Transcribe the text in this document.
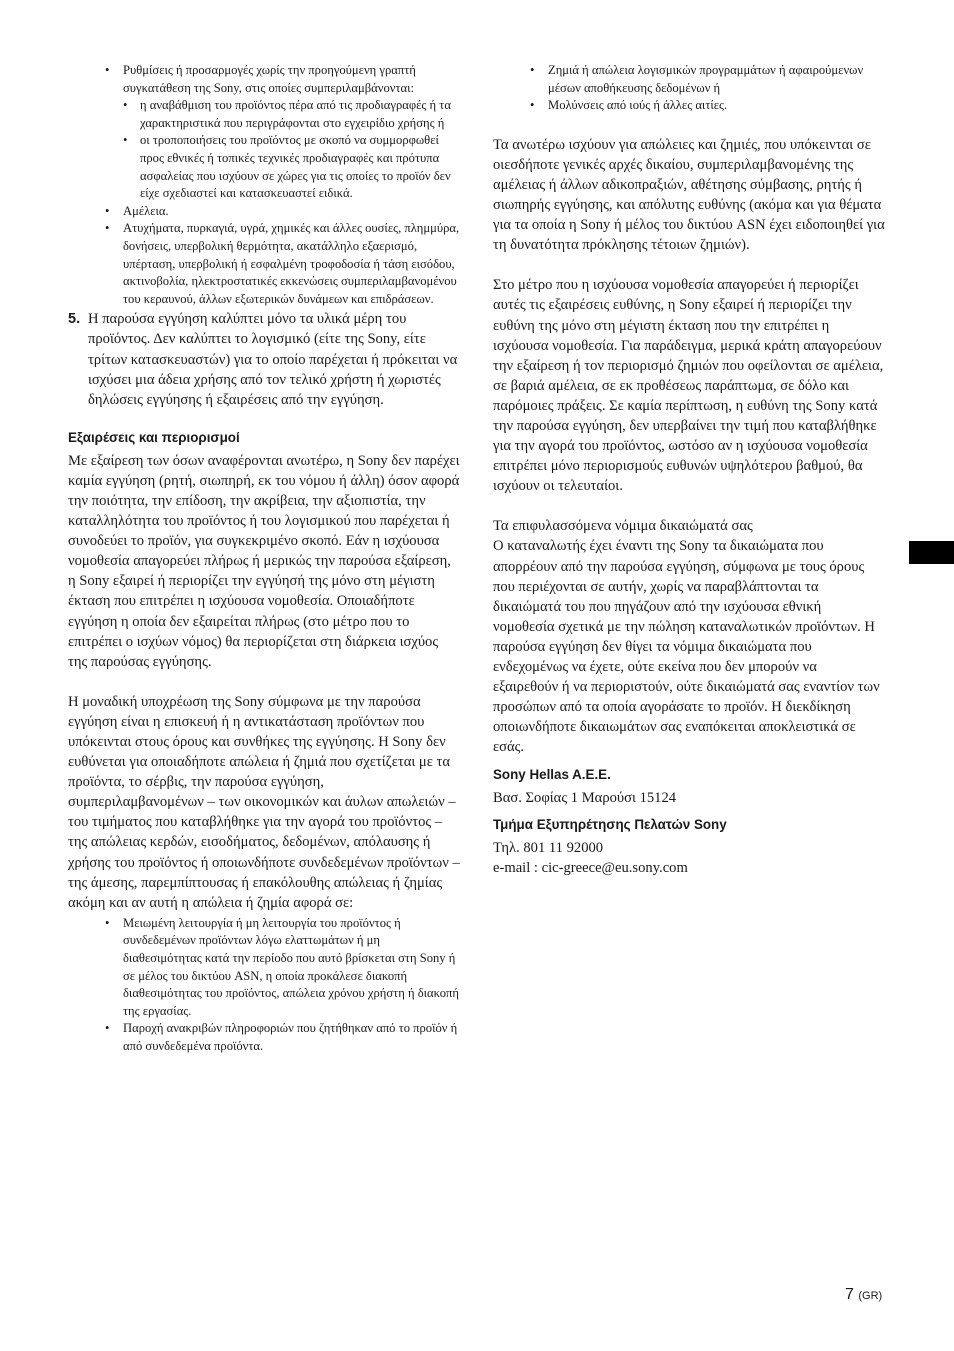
• Ρυθμίσεις ή προσαρμογές χωρίς την προηγούμενη γραπτή συγκατάθεση της Sony, στις οποίες συμπεριλαμβάνονται:
• η αναβάθμιση του προϊόντος πέρα από τις προδιαγραφές ή τα χαρακτηριστικά που περιγράφονται στο εγχειρίδιο χρήσης ή
• οι τροποποιήσεις του προϊόντος με σκοπό να συμμορφωθεί προς εθνικές ή τοπικές τεχνικές προδιαγραφές και πρότυπα ασφαλείας που ισχύουν σε χώρες για τις οποίες το προϊόν δεν είχε σχεδιαστεί και κατασκευαστεί ειδικά.
• Αμέλεια.
• Ατυχήματα, πυρκαγιά, υγρά, χημικές και άλλες ουσίες, πλημμύρα, δονήσεις, υπερβολική θερμότητα, ακατάλληλο εξαερισμό, υπέρταση, υπερβολική ή εσφαλμένη τροφοδοσία ή τάση εισόδου, ακτινοβολία, ηλεκτροστατικές εκκενώσεις συμπεριλαμβανομένου του κεραυνού, άλλων εξωτερικών δυνάμεων και επιδράσεων.
5. Η παρούσα εγγύηση καλύπτει μόνο τα υλικά μέρη του προϊόντος. Δεν καλύπτει το λογισμικό (είτε της Sony, είτε τρίτων κατασκευαστών) για το οποίο παρέχεται ή πρόκειται να ισχύσει μια άδεια χρήσης από τον τελικό χρήστη ή χωριστές δηλώσεις εγγύησης ή εξαιρέσεις από την εγγύηση.

Εξαιρέσεις και περιορισμοί

Με εξαίρεση των όσων αναφέρονται ανωτέρω, η Sony δεν παρέχει καμία εγγύηση (ρητή, σιωπηρή, εκ του νόμου ή άλλη) όσον αφορά την ποιότητα, την επίδοση, την ακρίβεια, την αξιοπιστία, την καταλληλότητα του προϊόντος ή του λογισμικού που παρέχεται ή συνοδεύει το προϊόν, για συγκεκριμένο σκοπό. Εάν η ισχύουσα νομοθεσία απαγορεύει πλήρως ή μερικώς την παρούσα εξαίρεση, η Sony εξαιρεί ή περιορίζει την εγγύησή της μόνο στη μέγιστη έκταση που επιτρέπει η ισχύουσα νομοθεσία. Οποιαδήποτε εγγύηση η οποία δεν εξαιρείται πλήρως (στο μέτρο που το επιτρέπει ο ισχύων νόμος) θα περιορίζεται στη διάρκεια ισχύος της παρούσας εγγύησης.

Η μοναδική υποχρέωση της Sony σύμφωνα με την παρούσα εγγύηση είναι η επισκευή ή η αντικατάσταση προϊόντων που υπόκεινται στους όρους και συνθήκες της εγγύησης. Η Sony δεν ευθύνεται για οποιαδήποτε απώλεια ή ζημιά που σχετίζεται με τα προϊόντα, το σέρβις, την παρούσα εγγύηση, συμπεριλαμβανομένων – των οικονομικών και άυλων απωλειών – του τιμήματος που καταβλήθηκε για την αγορά του προϊόντος – της απώλειας κερδών, εισοδήματος, δεδομένων, απόλαυσης ή χρήσης του προϊόντος ή οποιωνδήποτε συνδεδεμένων προϊόντων – της άμεσης, παρεμπίπτουσας ή επακόλουθης απώλειας ή ζημίας ακόμη και αν αυτή η απώλεια ή ζημία αφορά σε:

• Μειωμένη λειτουργία ή μη λειτουργία του προϊόντος ή συνδεδεμένων προϊόντων λόγω ελαττωμάτων ή μη διαθεσιμότητας κατά την περίοδο που αυτό βρίσκεται στη Sony ή σε μέλος του δικτύου ASN, η οποία προκάλεσε διακοπή διαθεσιμότητας του προϊόντος, απώλεια χρόνου χρήστη ή διακοπή της εργασίας.
• Παροχή ανακριβών πληροφοριών που ζητήθηκαν από το προϊόν ή από συνδεδεμένα προϊόντα.
• Ζημιά ή απώλεια λογισμικών προγραμμάτων ή αφαιρούμενων μέσων αποθήκευσης δεδομένων ή
• Μολύνσεις από ιούς ή άλλες αιτίες.

Τα ανωτέρω ισχύουν για απώλειες και ζημιές, που υπόκεινται σε οιεσδήποτε γενικές αρχές δικαίου, συμπεριλαμβανομένης της αμέλειας ή άλλων αδικοπραξιών, αθέτησης σύμβασης, ρητής ή σιωπηρής εγγύησης, και απόλυτης ευθύνης (ακόμα και για θέματα για τα οποία η Sony ή μέλος του δικτύου ASN έχει ειδοποιηθεί για τη δυνατότητα πρόκλησης τέτοιων ζημιών).

Στο μέτρο που η ισχύουσα νομοθεσία απαγορεύει ή περιορίζει αυτές τις εξαιρέσεις ευθύνης, η Sony εξαιρεί ή περιορίζει την ευθύνη της μόνο στη μέγιστη έκταση που την επιτρέπει η ισχύουσα νομοθεσία. Για παράδειγμα, μερικά κράτη απαγορεύουν την εξαίρεση ή τον περιορισμό ζημιών που οφείλονται σε αμέλεια, σε βαριά αμέλεια, σε εκ προθέσεως παράπτωμα, σε δόλο και παρόμοιες πράξεις. Σε καμία περίπτωση, η ευθύνη της Sony κατά την παρούσα εγγύηση, δεν υπερβαίνει την τιμή που καταβλήθηκε για την αγορά του προϊόντος, ωστόσο αν η ισχύουσα νομοθεσία επιτρέπει μόνο περιορισμούς ευθυνών υψηλότερου βαθμού, θα ισχύουν οι τελευταίοι.

Τα επιφυλασσόμενα νόμιμα δικαιώματά σας

Ο καταναλωτής έχει έναντι της Sony τα δικαιώματα που απορρέουν από την παρούσα εγγύηση, σύμφωνα με τους όρους που περιέχονται σε αυτήν, χωρίς να παραβλάπτονται τα δικαιώματά του που πηγάζουν από την ισχύουσα εθνική νομοθεσία σχετικά με την πώληση καταναλωτικών προϊόντων. Η παρούσα εγγύηση δεν θίγει τα νόμιμα δικαιώματα που ενδεχομένως να έχετε, ούτε εκείνα που δεν μπορούν να εξαιρεθούν ή να περιοριστούν, ούτε δικαιώματά σας εναντίον των προσώπων από τα οποία αγοράσατε το προϊόν. Η διεκδίκηση οποιωνδήποτε δικαιωμάτων σας εναπόκειται αποκλειστικά σε εσάς.

Sony Hellas A.E.E.
Βασ. Σοφίας 1 Μαρούσι 15124
Τμήμα Εξυπηρέτησης Πελατών Sony
Τηλ. 801 11 92000
e-mail : cic-greece@eu.sony.com
7 (GR)
